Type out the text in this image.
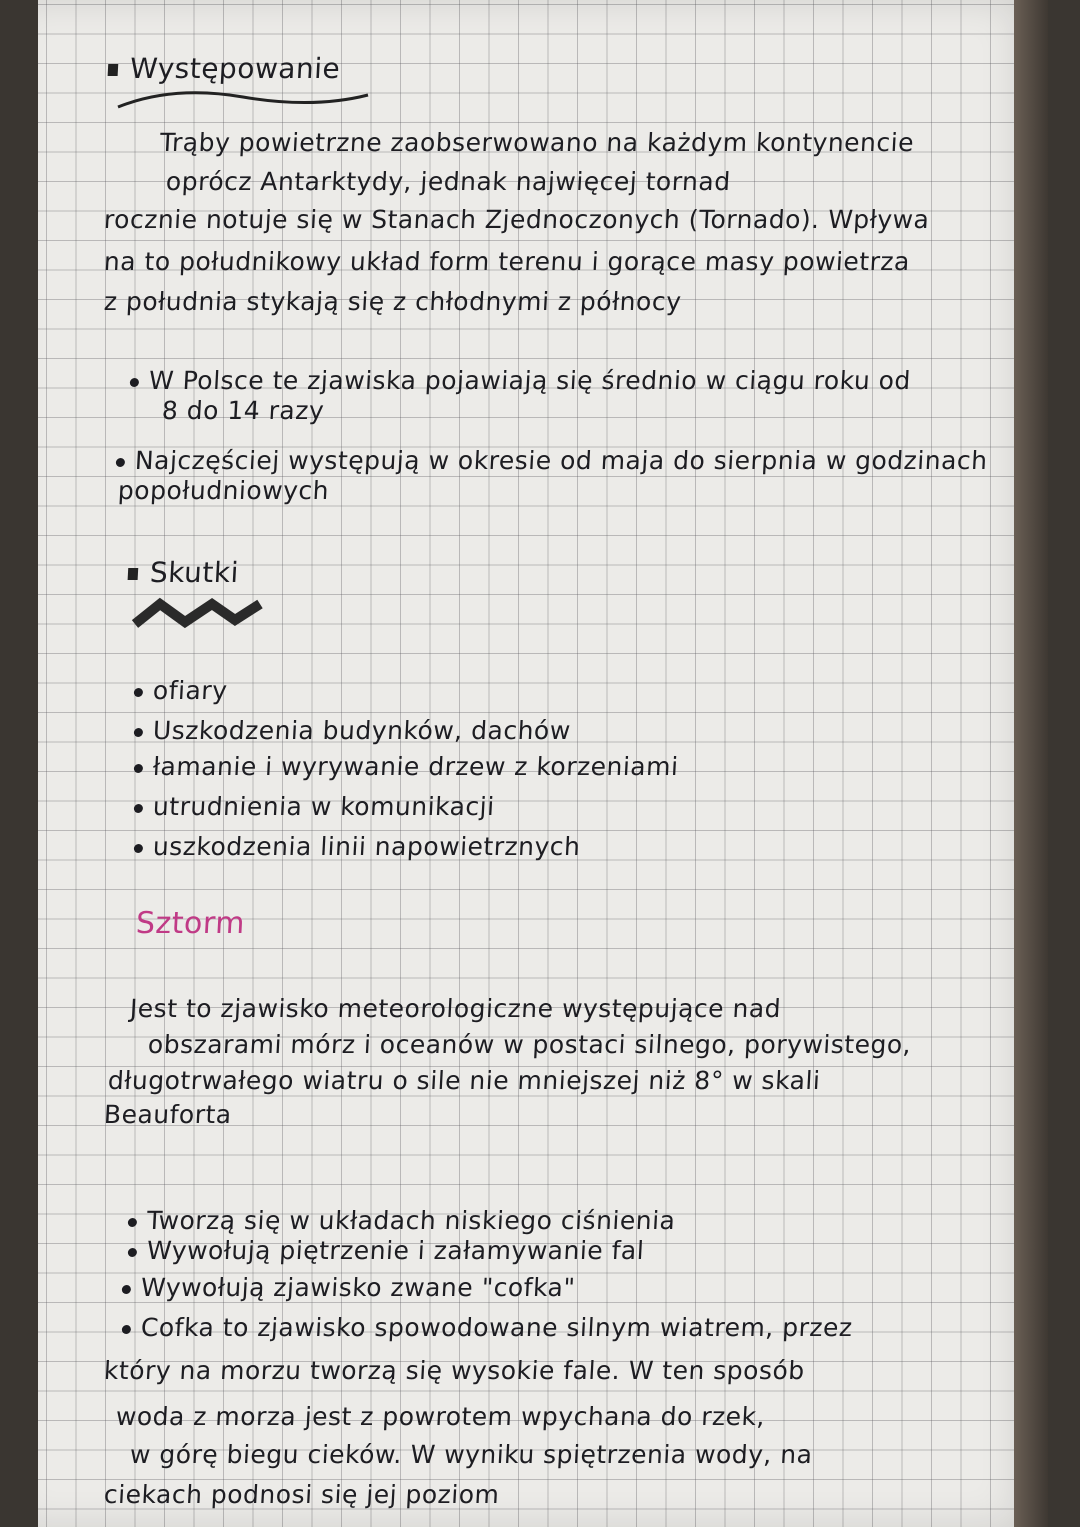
Występowanie
Trąby powietrzne zaobserwowano na każdym kontynencie
oprócz Antarktydy, jednak najwięcej tornad
rocznie notuje się w Stanach Zjednoczonych (Tornado). Wpływa
na to południkowy układ form terenu i gorące masy powietrza
z południa stykają się z chłodnymi z północy
W Polsce te zjawiska pojawiają się średnio w ciągu roku od
8 do 14 razy
Najczęściej występują w okresie od maja do sierpnia w godzinach
popołudniowych
Skutki
ofiary
Uszkodzenia budynków, dachów
łamanie i wyrywanie drzew z korzeniami
utrudnienia w komunikacji
uszkodzenia linii napowietrznych
Sztorm
Jest to zjawisko meteorologiczne występujące nad
obszarami mórz i oceanów w postaci silnego, porywistego,
długotrwałego wiatru o sile nie mniejszej niż 8° w skali
Beauforta
Tworzą się w układach niskiego ciśnienia
Wywołują piętrzenie i załamywanie fal
Wywołują zjawisko zwane "cofka"
Cofka to zjawisko spowodowane silnym wiatrem, przez
który na morzu tworzą się wysokie fale. W ten sposób
woda z morza jest z powrotem wpychana do rzek,
w górę biegu cieków. W wyniku spiętrzenia wody, na
ciekach podnosi się jej poziom
